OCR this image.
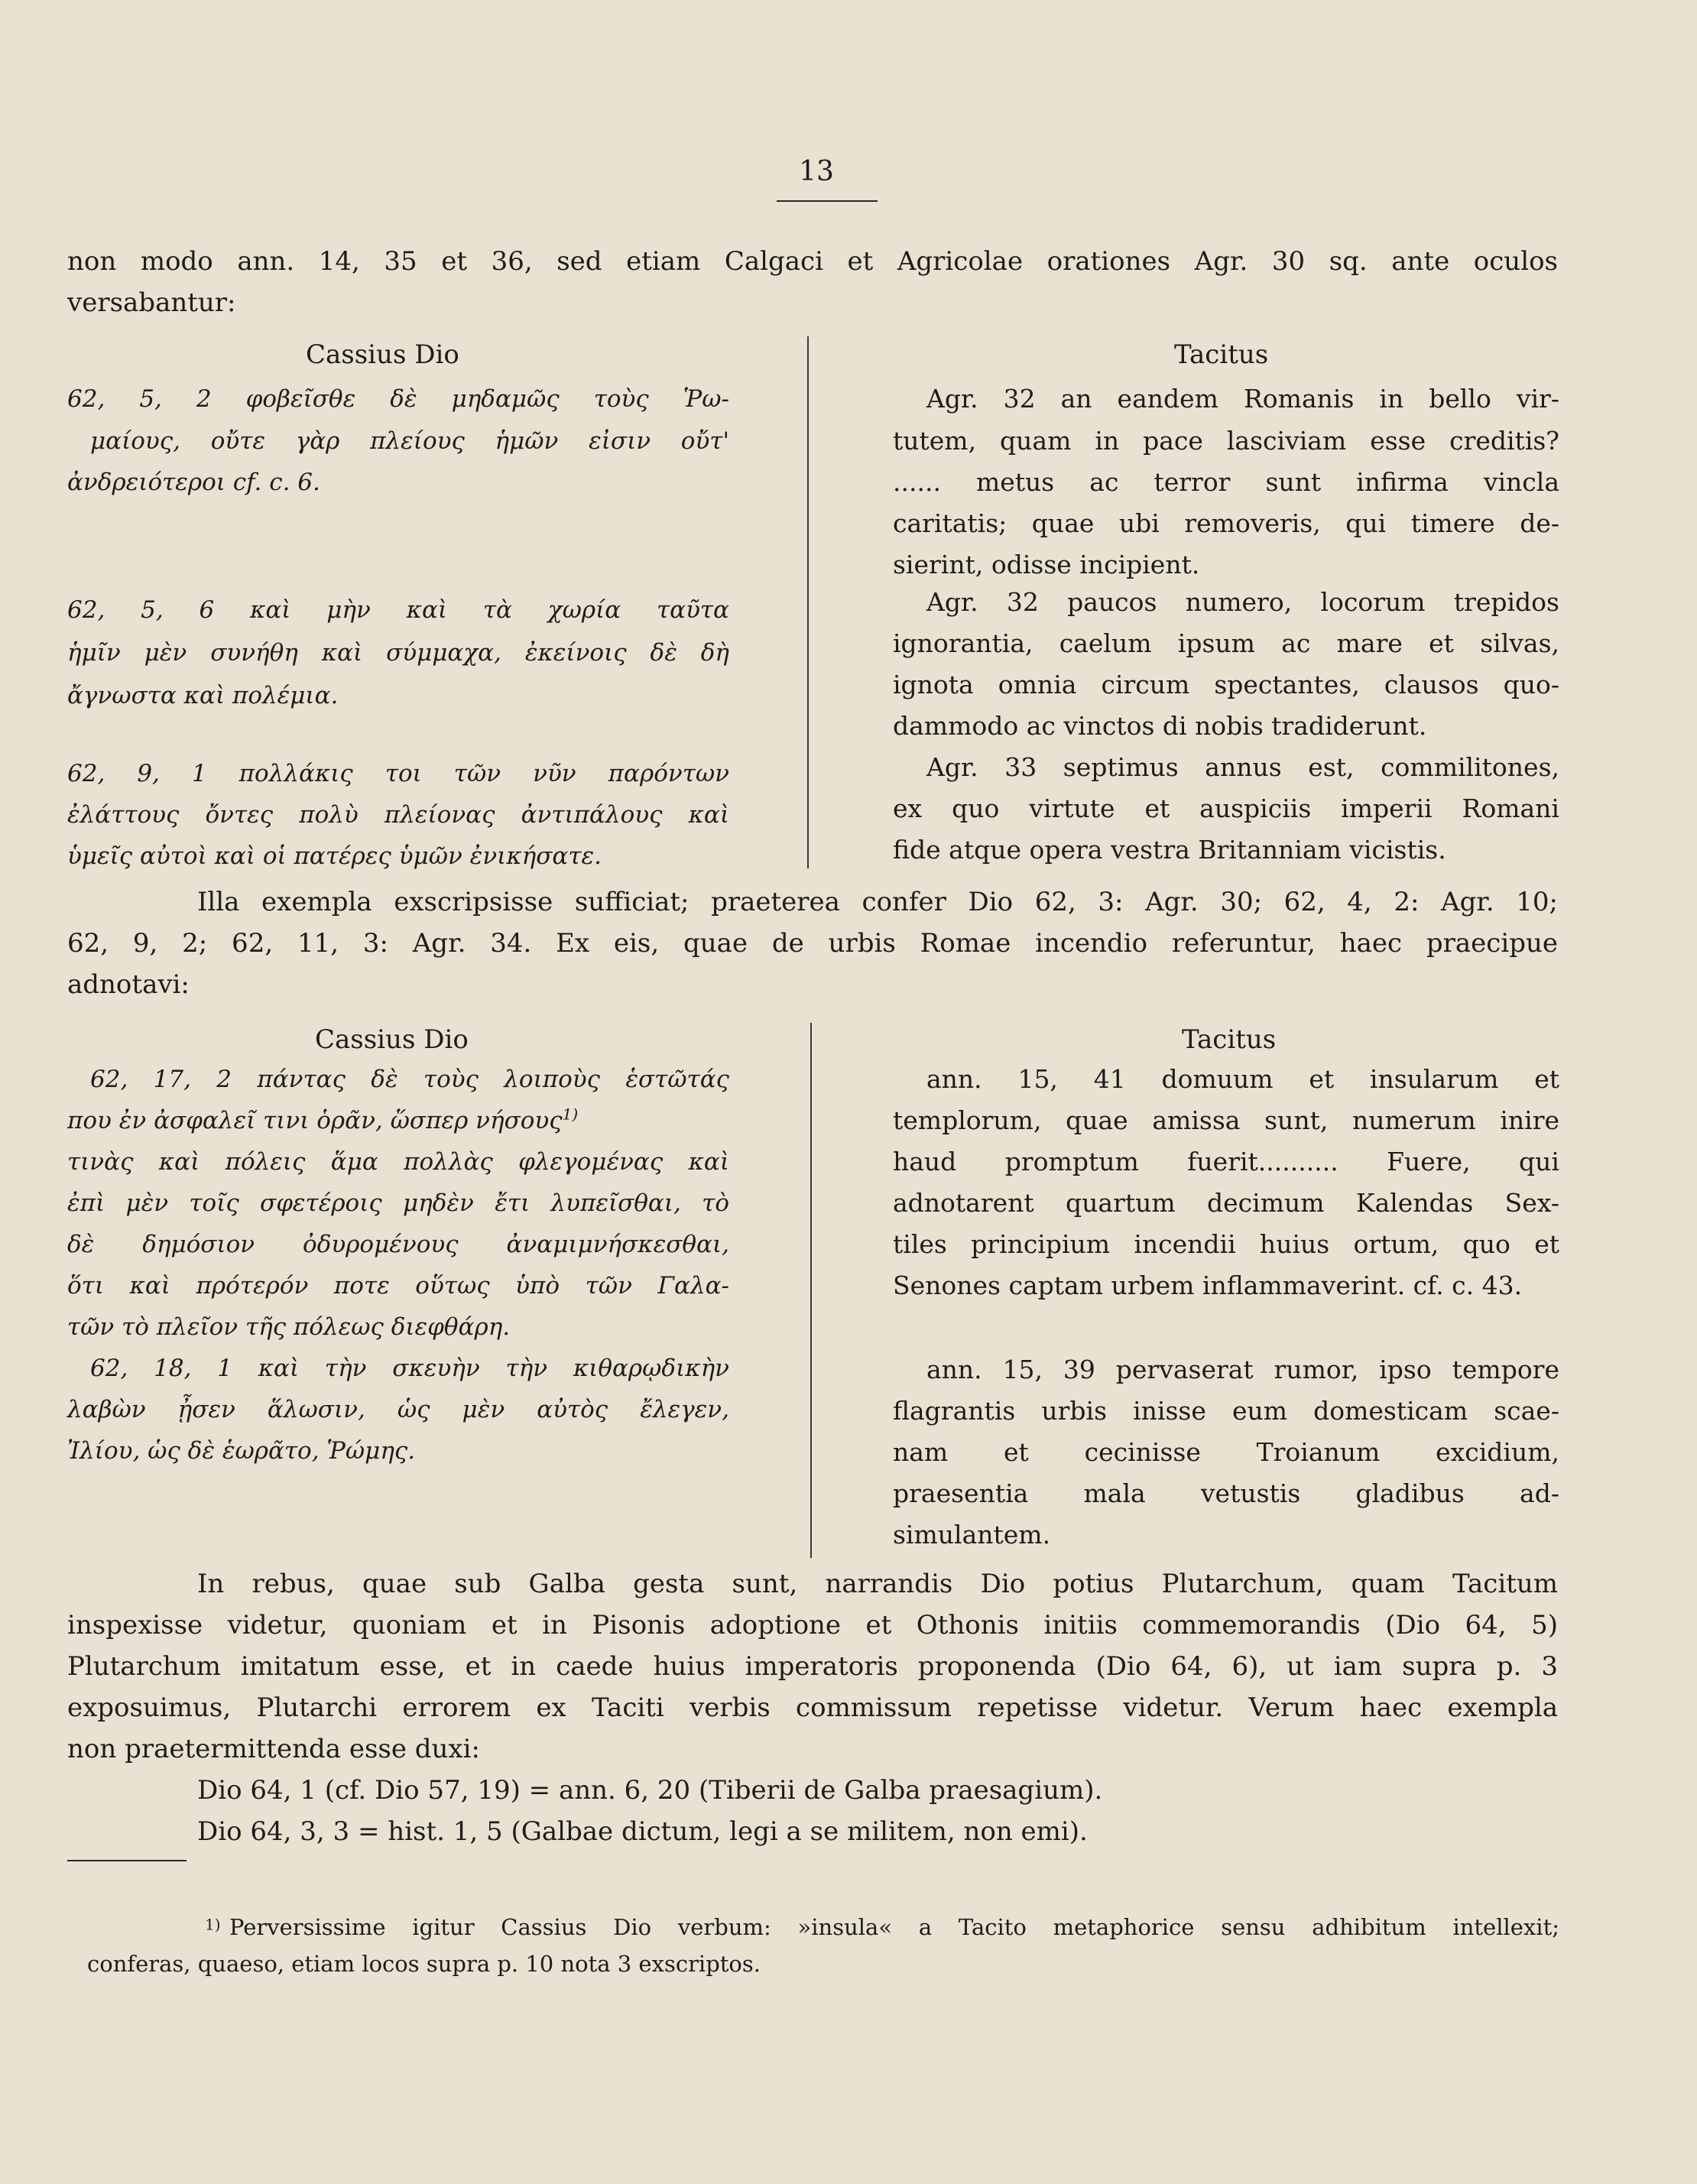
13
non modo ann. 14, 35 et 36, sed etiam Calgaci et Agricolae orationes Agr. 30 sq. ante oculos
versabantur:
Cassius Dio	Tacitus
62, 5, 2 φοβεῖσθε δὲ μηδαμῶς τοὺς Ῥω-
μαίους, οὔτε γὰρ πλείους ἡμῶν εἰσιν οὔτ'
ἀνδρειότεροι cf. c. 6.
62, 5, 6 καὶ μὴν καὶ τὰ χωρία ταῦτα
ἡμῖν μὲν συνήθη καὶ σύμμαχα, ἐκείνοις δὲ δὴ
ἄγνωστα καὶ πολέμια.
62, 9, 1 πολλάκις τοι τῶν νῦν παρόντων
ἐλάττους ὄντες πολὺ πλείονας ἀντιπάλους καὶ
ὑμεῖς αὐτοὶ καὶ οἱ πατέρες ὑμῶν ἐνικήσατε.
Agr. 32 an eandem Romanis in bello vir-
tutem, quam in pace lasciviam esse creditis?
...... metus ac terror sunt infirma vincla
caritatis; quae ubi removeris, qui timere de-
sierint, odisse incipient.
Agr. 32 paucos numero, locorum trepidos
ignorantia, caelum ipsum ac mare et silvas,
ignota omnia circum spectantes, clausos quo-
dammodo ac vinctos di nobis tradiderunt.
Agr. 33 septimus annus est, commilitones,
ex quo virtute et auspiciis imperii Romani
fide atque opera vestra Britanniam vicistis.
Illa exempla exscripsisse sufficiat; praeterea confer Dio 62, 3: Agr. 30; 62, 4, 2: Agr. 10;
62, 9, 2; 62, 11, 3: Agr. 34. Ex eis, quae de urbis Romae incendio referuntur, haec praecipue
adnotavi:
Cassius Dio	Tacitus
62, 17, 2 πάντας δὲ τοὺς λοιποὺς ἑστῶτάς
που ἐν ἀσφαλεῖ τινι ὁρᾶν, ὥσπερ νήσους$^{1)}$
τινὰς καὶ πόλεις ἅμα πολλὰς φλεγομένας καὶ
ἐπὶ μὲν τοῖς σφετέροις μηδὲν ἔτι λυπεῖσθαι, τὸ
δὲ δημόσιον ὀδυρομένους ἀναμιμνήσκεσθαι,
ὅτι καὶ πρότερόν ποτε οὕτως ὑπὸ τῶν Γαλα-
τῶν τὸ πλεῖον τῆς πόλεως διεφθάρη.
62, 18, 1 καὶ τὴν σκευὴν τὴν κιθαρῳδικὴν
λαβὼν ᾖσεν ἅλωσιν, ὡς μὲν αὐτὸς ἔλεγεν,
Ἰλίου, ὡς δὲ ἑωρᾶτο, Ῥώμης.
ann. 15, 41 domuum et insularum et
templorum, quae amissa sunt, numerum inire
haud promptum fuerit.......... Fuere, qui
adnotarent quartum decimum Kalendas Sex-
tiles principium incendii huius ortum, quo et
Senones captam urbem inflammaverint. cf. c. 43.
ann. 15, 39 pervaserat rumor, ipso tempore
flagrantis urbis inisse eum domesticam scae-
nam et cecinisse Troianum excidium,
praesentia mala vetustis gladibus ad-
simulantem.
In rebus, quae sub Galba gesta sunt, narrandis Dio potius Plutarchum, quam Tacitum
inspexisse videtur, quoniam et in Pisonis adoptione et Othonis initiis commemorandis (Dio 64, 5)
Plutarchum imitatum esse, et in caede huius imperatoris proponenda (Dio 64, 6), ut iam supra p. 3
exposuimus, Plutarchi errorem ex Taciti verbis commissum repetisse videtur. Verum haec exempla
non praetermittenda esse duxi:
Dio 64, 1 (cf. Dio 57, 19) = ann. 6, 20 (Tiberii de Galba praesagium).
Dio 64, 3, 3 = hist. 1, 5 (Galbae dictum, legi a se militem, non emi).
$^{1)}$ Perversissime igitur Cassius Dio verbum: »insula« a Tacito metaphorice sensu adhibitum intellexit;
conferas, quaeso, etiam locos supra p. 10 nota 3 exscriptos.
